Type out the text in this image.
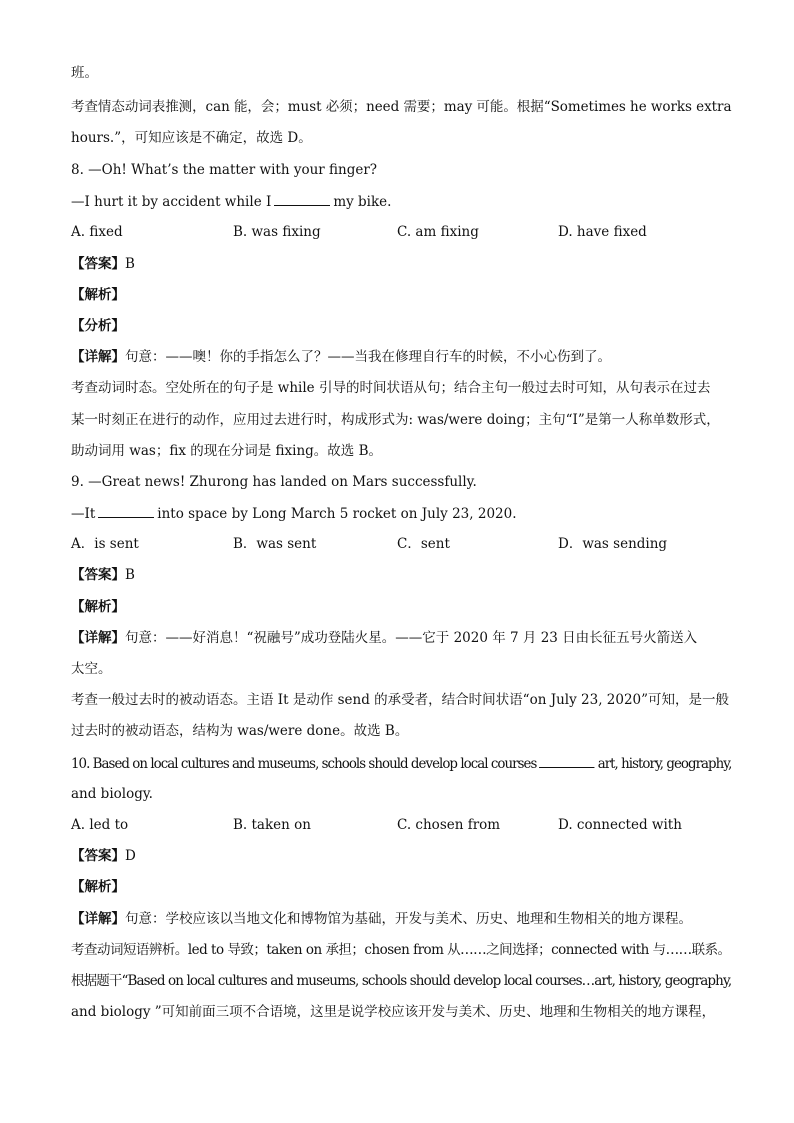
班。
考查情态动词表推测，can 能，会；must 必须；need 需要；may 可能。根据“Sometimes he works extra
hours.”，可知应该是不确定，故选 D。
8. —Oh! What’s the matter with your finger?
—I hurt it by accident while I	my bike.
A. fixed	B. was fixing	C. am fixing	D. have fixed
【答案】B
【解析】
【分析】
【详解】句意：——噢！你的手指怎么了？——当我在修理自行车的时候，不小心伤到了。
考查动词时态。空处所在的句子是 while 引导的时间状语从句；结合主句一般过去时可知，从句表示在过去
某一时刻正在进行的动作，应用过去进行时，构成形式为: was/were doing；主句“I”是第一人称单数形式，
助动词用 was；fix 的现在分词是 fixing。故选 B。
9. —Great news! Zhurong has landed on Mars successfully.
—It	into space by Long March 5 rocket on July 23, 2020.
A．is sent	B．was sent	C．sent	D．was sending
【答案】B
【解析】
【详解】句意：——好消息！“祝融号”成功登陆火星。——它于 2020 年 7 月 23 日由长征五号火箭送入
太空。
考查一般过去时的被动语态。主语 It 是动作 send 的承受者，结合时间状语“on July 23, 2020”可知，是一般
过去时的被动语态，结构为 was/were done。故选 B。
10. Based on local cultures and museums, schools should develop local courses	art, history, geography,
and biology.
A. led to	B. taken on	C. chosen from	D. connected with
【答案】D
【解析】
【详解】句意：学校应该以当地文化和博物馆为基础，开发与美术、历史、地理和生物相关的地方课程。
考查动词短语辨析。led to 导致；taken on 承担；chosen from 从……之间选择；connected with 与……联系。
根据题干“Based on local cultures and museums, schools should develop local courses…art, history, geography,
and biology ”可知前面三项不合语境，这里是说学校应该开发与美术、历史、地理和生物相关的地方课程，
